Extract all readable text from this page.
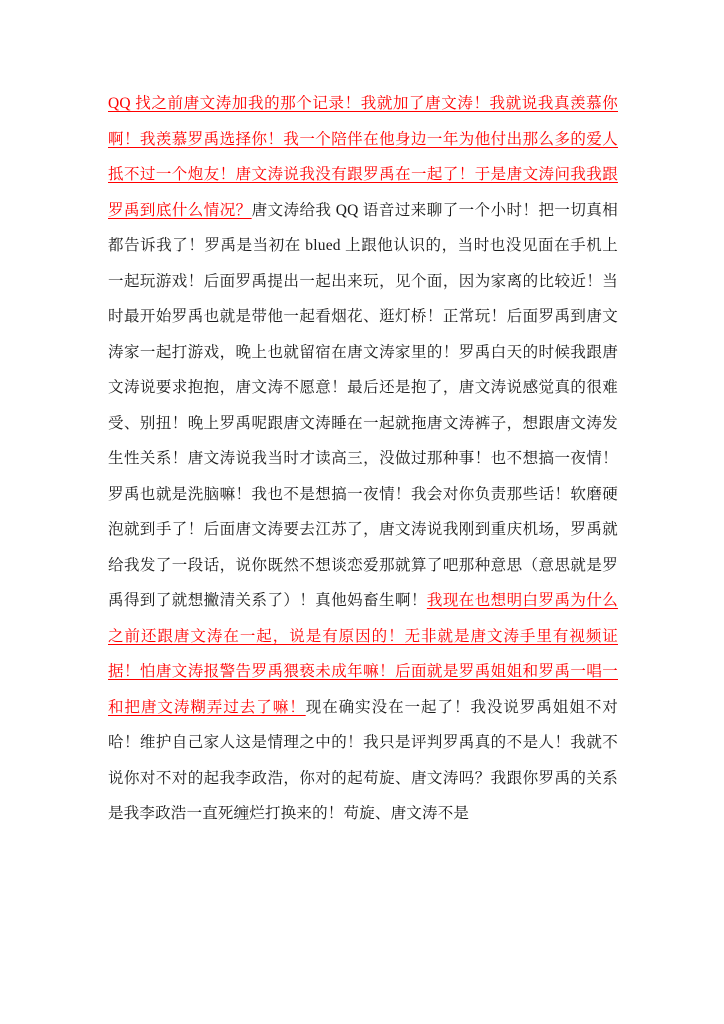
QQ 找之前唐文涛加我的那个记录！我就加了唐文涛！我就说我真羡慕你啊！我羡慕罗禹选择你！我一个陪伴在他身边一年为他付出那么多的爱人抵不过一个炮友！唐文涛说我没有跟罗禹在一起了！于是唐文涛问我我跟罗禹到底什么情况？唐文涛给我 QQ 语音过来聊了一个小时！把一切真相都告诉我了！罗禹是当初在 blued 上跟他认识的，当时也没见面在手机上一起玩游戏！后面罗禹提出一起出来玩，见个面，因为家离的比较近！当时最开始罗禹也就是带他一起看烟花、逛灯桥！正常玩！后面罗禹到唐文涛家一起打游戏，晚上也就留宿在唐文涛家里的！罗禹白天的时候我跟唐文涛说要求抱抱，唐文涛不愿意！最后还是抱了，唐文涛说感觉真的很难受、别扭！晚上罗禹呢跟唐文涛睡在一起就拖唐文涛裤子，想跟唐文涛发生性关系！唐文涛说我当时才读高三，没做过那种事！也不想搞一夜情！罗禹也就是洗脑嘛！我也不是想搞一夜情！我会对你负责那些话！软磨硬泡就到手了！后面唐文涛要去江苏了，唐文涛说我刚到重庆机场，罗禹就给我发了一段话，说你既然不想谈恋爱那就算了吧那种意思（意思就是罗禹得到了就想撇清关系了）！真他妈畜生啊！我现在也想明白罗禹为什么之前还跟唐文涛在一起，说是有原因的！无非就是唐文涛手里有视频证据！怕唐文涛报警告罗禹猥亵未成年嘛！后面就是罗禹姐姐和罗禹一唱一和把唐文涛糊弄过去了嘛！现在确实没在一起了！我没说罗禹姐姐不对哈！维护自己家人这是情理之中的！我只是评判罗禹真的不是人！我就不说你对不对的起我李政浩，你对的起苟旋、唐文涛吗？我跟你罗禹的关系是我李政浩一直死缠烂打换来的！苟旋、唐文涛不是
